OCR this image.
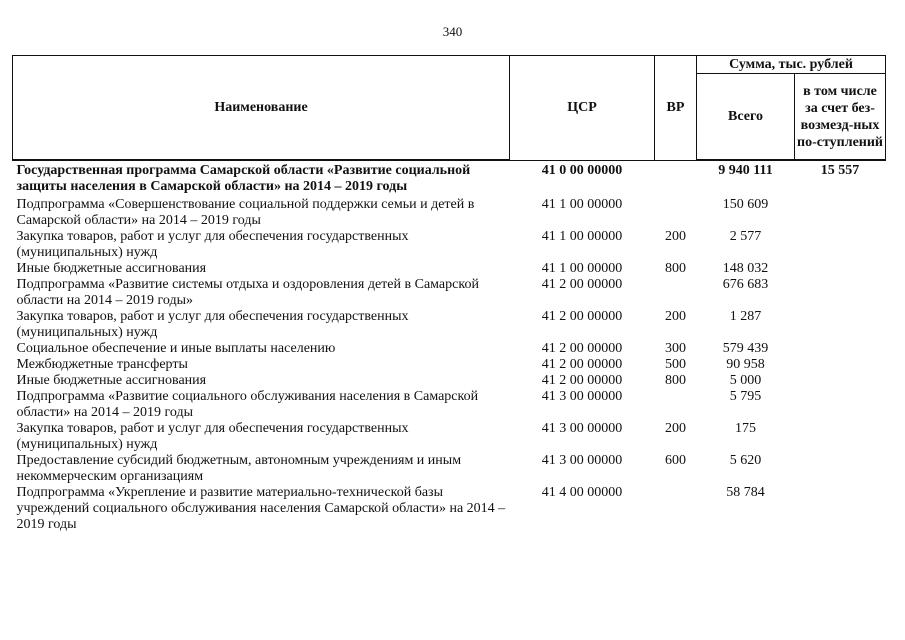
340
Наименование	ЦСР	ВР	Сумма, тыс. рублей	
			Всего	в том числе за счет без-возмезд-ных по-ступлений
Государственная программа Самарской области «Развитие социальной защиты населения в Самарской области» на 2014 – 2019 годы	41 0 00 00000		9 940 111	15 557
Подпрограмма «Совершенствование социальной поддержки семьи и детей в Самарской области» на 2014 – 2019 годы	41 1 00 00000		150 609	
Закупка товаров, работ и услуг для обеспечения государственных (муниципальных) нужд	41 1 00 00000	200	2 577	
Иные бюджетные ассигнования	41 1 00 00000	800	148 032	
Подпрограмма «Развитие системы отдыха и оздоровления детей в Самарской области на 2014 – 2019 годы»	41 2 00 00000		676 683	
Закупка товаров, работ и услуг для обеспечения государственных (муниципальных) нужд	41 2 00 00000	200	1 287	
Социальное обеспечение и иные выплаты населению	41 2 00 00000	300	579 439	
Межбюджетные трансферты	41 2 00 00000	500	90 958	
Иные бюджетные ассигнования	41 2 00 00000	800	5 000	
Подпрограмма «Развитие социального обслуживания населения в Самарской области» на 2014 – 2019 годы	41 3 00 00000		5 795	
Закупка товаров, работ и услуг для обеспечения государственных (муниципальных) нужд	41 3 00 00000	200	175	
Предоставление субсидий бюджетным, автономным учреждениям и иным некоммерческим организациям	41 3 00 00000	600	5 620	
Подпрограмма «Укрепление и развитие материально-технической базы учреждений социального обслуживания населения Самарской области» на 2014 – 2019 годы	41 4 00 00000		58 784	
